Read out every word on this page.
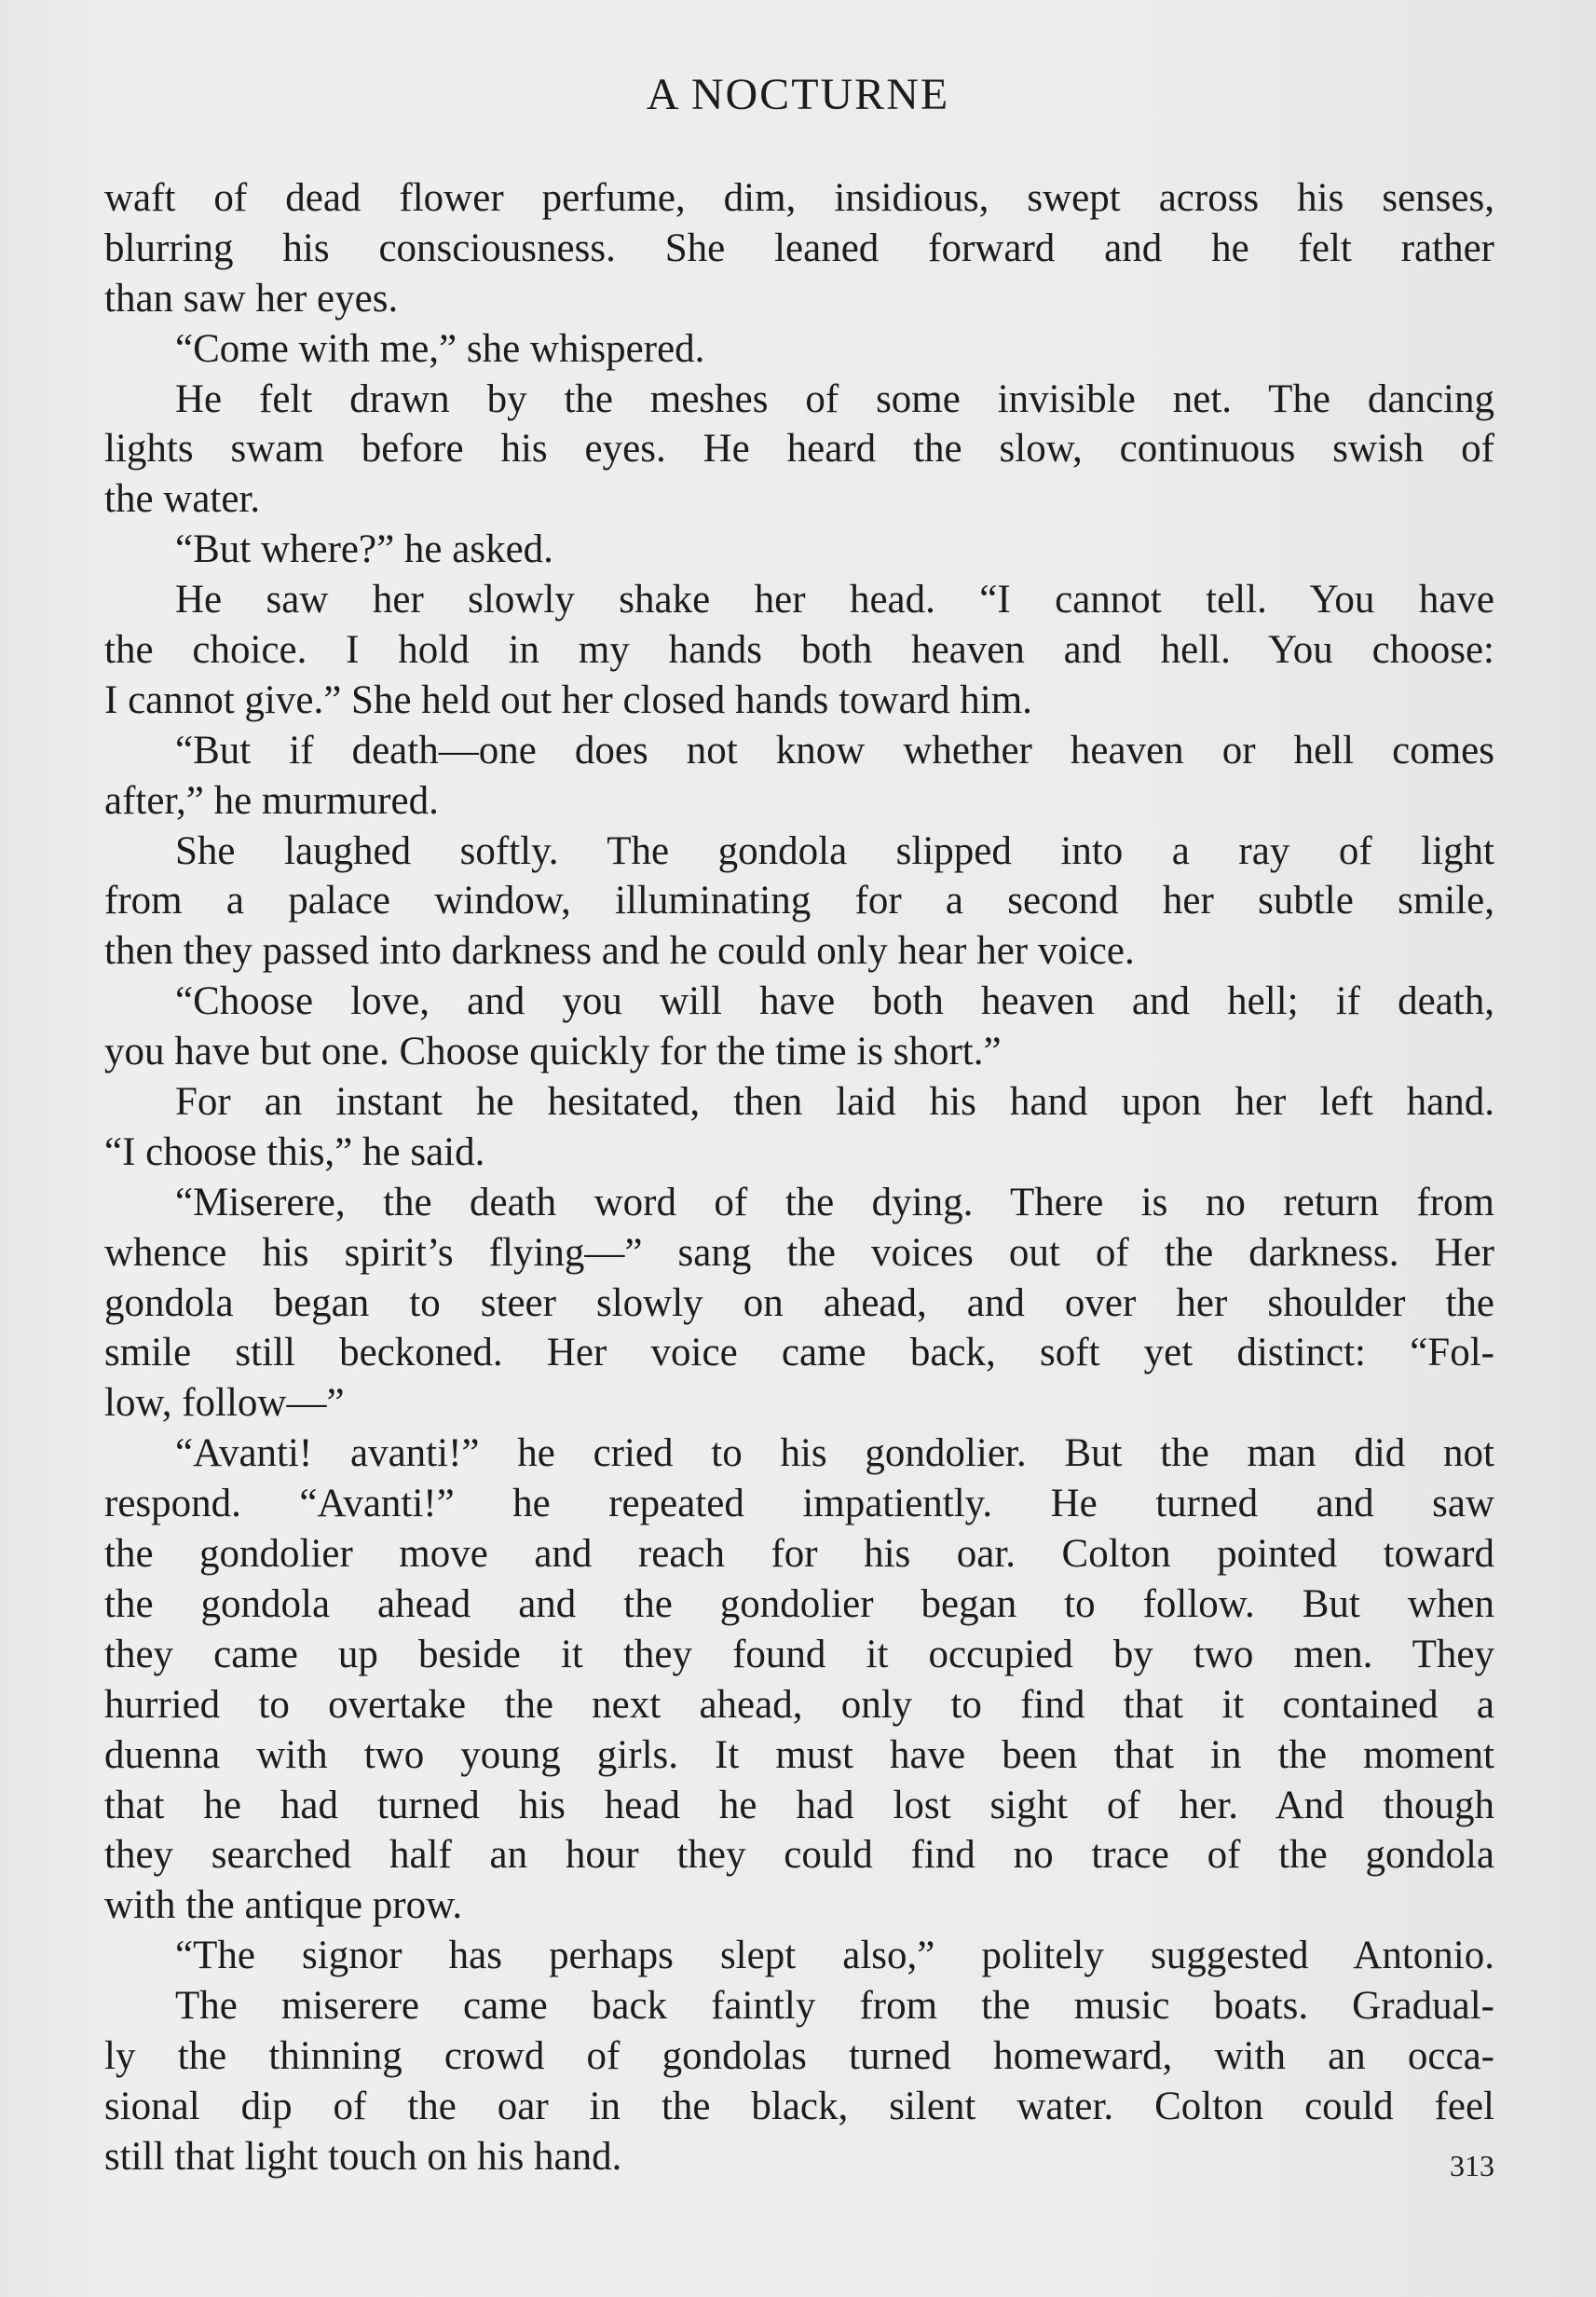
A NOCTURNE
waft of dead flower perfume, dim, insidious, swept across his senses,
blurring his consciousness. She leaned forward and he felt rather
than saw her eyes.
“Come with me,” she whispered.
He felt drawn by the meshes of some invisible net. The dancing
lights swam before his eyes. He heard the slow, continuous swish of
the water.
“But where?” he asked.
He saw her slowly shake her head. “I cannot tell. You have
the choice. I hold in my hands both heaven and hell. You choose:
I cannot give.” She held out her closed hands toward him.
“But if death—one does not know whether heaven or hell comes
after,” he murmured.
She laughed softly. The gondola slipped into a ray of light
from a palace window, illuminating for a second her subtle smile,
then they passed into darkness and he could only hear her voice.
“Choose love, and you will have both heaven and hell; if death,
you have but one. Choose quickly for the time is short.”
For an instant he hesitated, then laid his hand upon her left hand.
“I choose this,” he said.
“Miserere, the death word of the dying. There is no return from
whence his spirit’s flying—” sang the voices out of the darkness. Her
gondola began to steer slowly on ahead, and over her shoulder the
smile still beckoned. Her voice came back, soft yet distinct: “Fol-
low, follow—”
“Avanti! avanti!” he cried to his gondolier. But the man did not
respond. “Avanti!” he repeated impatiently. He turned and saw
the gondolier move and reach for his oar. Colton pointed toward
the gondola ahead and the gondolier began to follow. But when
they came up beside it they found it occupied by two men. They
hurried to overtake the next ahead, only to find that it contained a
duenna with two young girls. It must have been that in the moment
that he had turned his head he had lost sight of her. And though
they searched half an hour they could find no trace of the gondola
with the antique prow.
“The signor has perhaps slept also,” politely suggested Antonio.
The miserere came back faintly from the music boats. Gradual-
ly the thinning crowd of gondolas turned homeward, with an occa-
sional dip of the oar in the black, silent water. Colton could feel
still that light touch on his hand.	313
